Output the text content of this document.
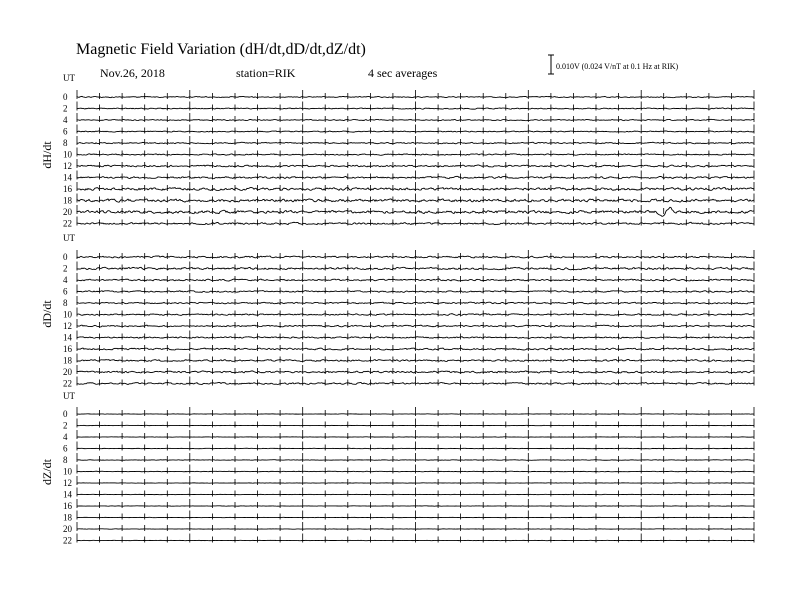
Magnetic Field Variation (dH/dt,dD/dt,dZ/dt)
Nov.26, 2018	station=RIK	4 sec averages	0.010V (0.024 V/nT at 0.1 Hz at RIK)
UT
dH/dt
0
2
4
6
8
10
12
14
16
18
20
22
UT
dD/dt
0
2
4
6
8
10
12
14
16
18
20
22
UT
dZ/dt
0
2
4
6
8
10
12
14
16
18
20
22
